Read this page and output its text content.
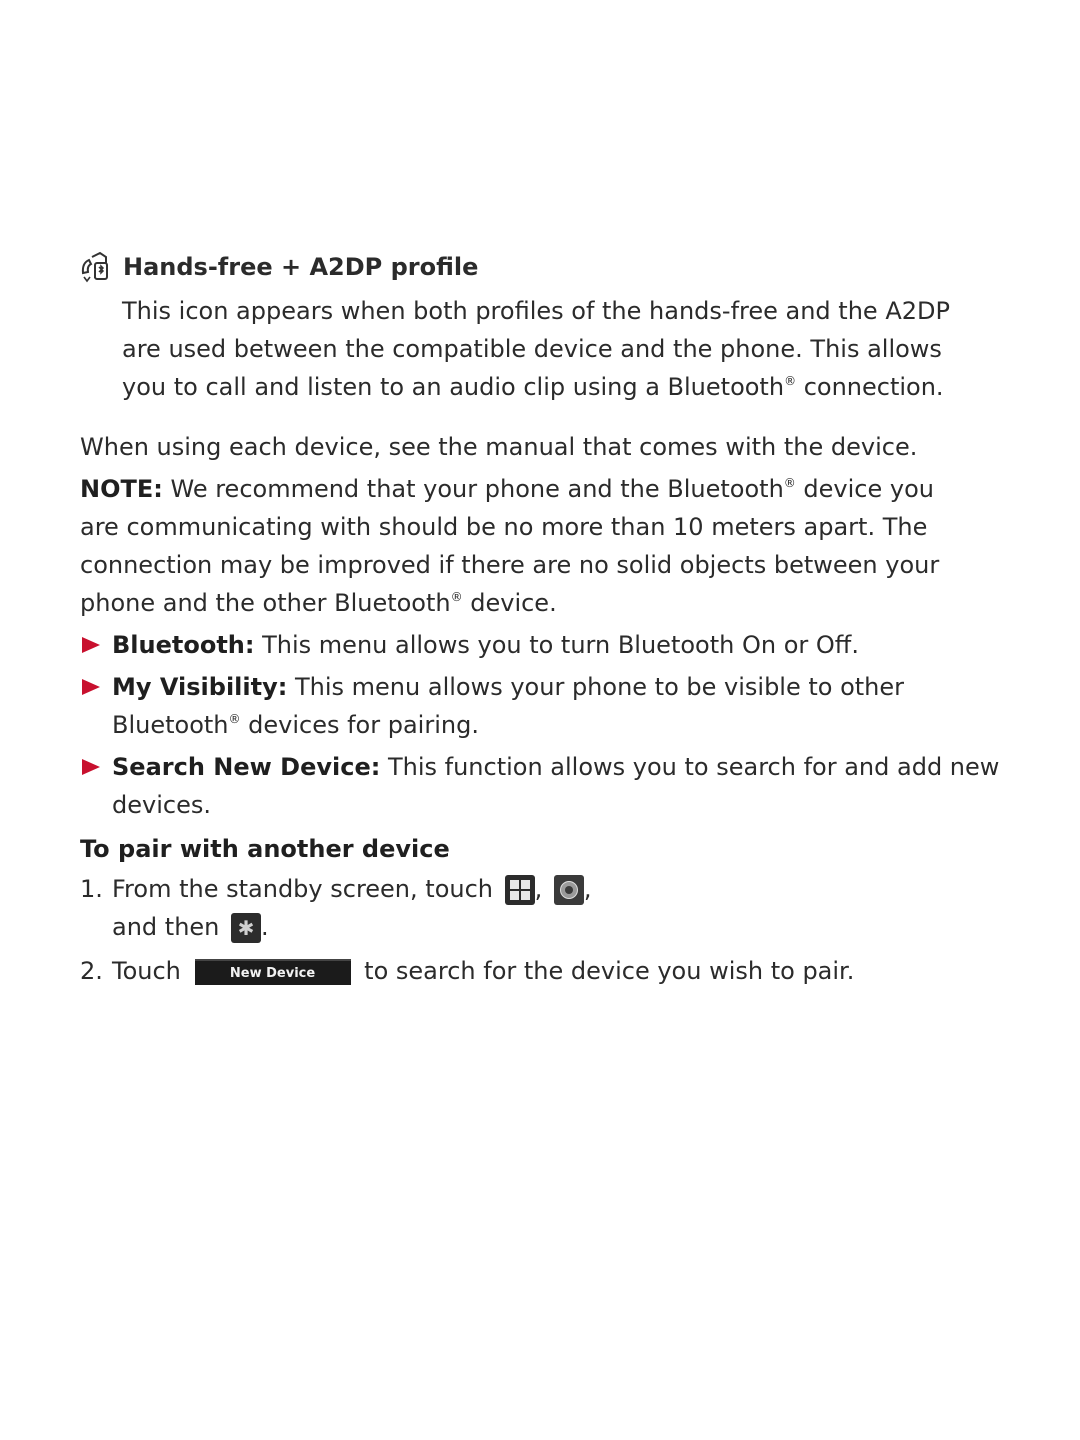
Hands-free + A2DP profile
This icon appears when both profiles of the hands-free and the A2DP
are used between the compatible device and the phone. This allows
you to call and listen to an audio clip using a Bluetooth® connection.
When using each device, see the manual that comes with the device.
NOTE: We recommend that your phone and the Bluetooth® device you
are communicating with should be no more than 10 meters apart. The
connection may be improved if there are no solid objects between your
phone and the other Bluetooth® device.
Bluetooth: This menu allows you to turn Bluetooth On or Off.
My Visibility: This menu allows your phone to be visible to other
Bluetooth® devices for pairing.
Search New Device: This function allows you to search for and add new
devices.
To pair with another device
1. From the standby screen, touch , ,
and then ✱ .
2. Touch	New Device to search for the device you wish to pair.
